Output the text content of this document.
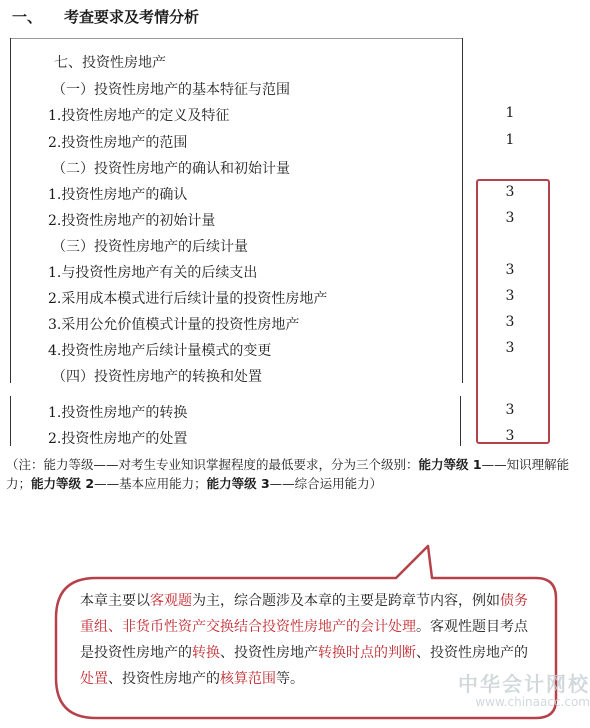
一、 考查要求及考情分析
七、投资性房地产
（一）投资性房地产的基本特征与范围
1.投资性房地产的定义及特征	1
2.投资性房地产的范围	1
（二）投资性房地产的确认和初始计量
1.投资性房地产的确认	3
2.投资性房地产的初始计量	3
（三）投资性房地产的后续计量
1.与投资性房地产有关的后续支出	3
2.采用成本模式进行后续计量的投资性房地产	3
3.采用公允价值模式计量的投资性房地产	3
4.投资性房地产后续计量模式的变更	3
（四）投资性房地产的转换和处置
1.投资性房地产的转换	3
2.投资性房地产的处置	3
（注：能力等级——对考生专业知识掌握程度的最低要求，分为三个级别：能力等级 1——知识理解能力；能力等级 2——基本应用能力；能力等级 3——综合运用能力）
本章主要以客观题为主，综合题涉及本章的主要是跨章节内容，例如债务重组、非货币性资产交换结合投资性房地产的会计处理。客观性题目考点是投资性房地产的转换、投资性房地产转换时点的判断、投资性房地产的处置、投资性房地产的核算范围等。	中华会计网校
www.chinaacc.com
